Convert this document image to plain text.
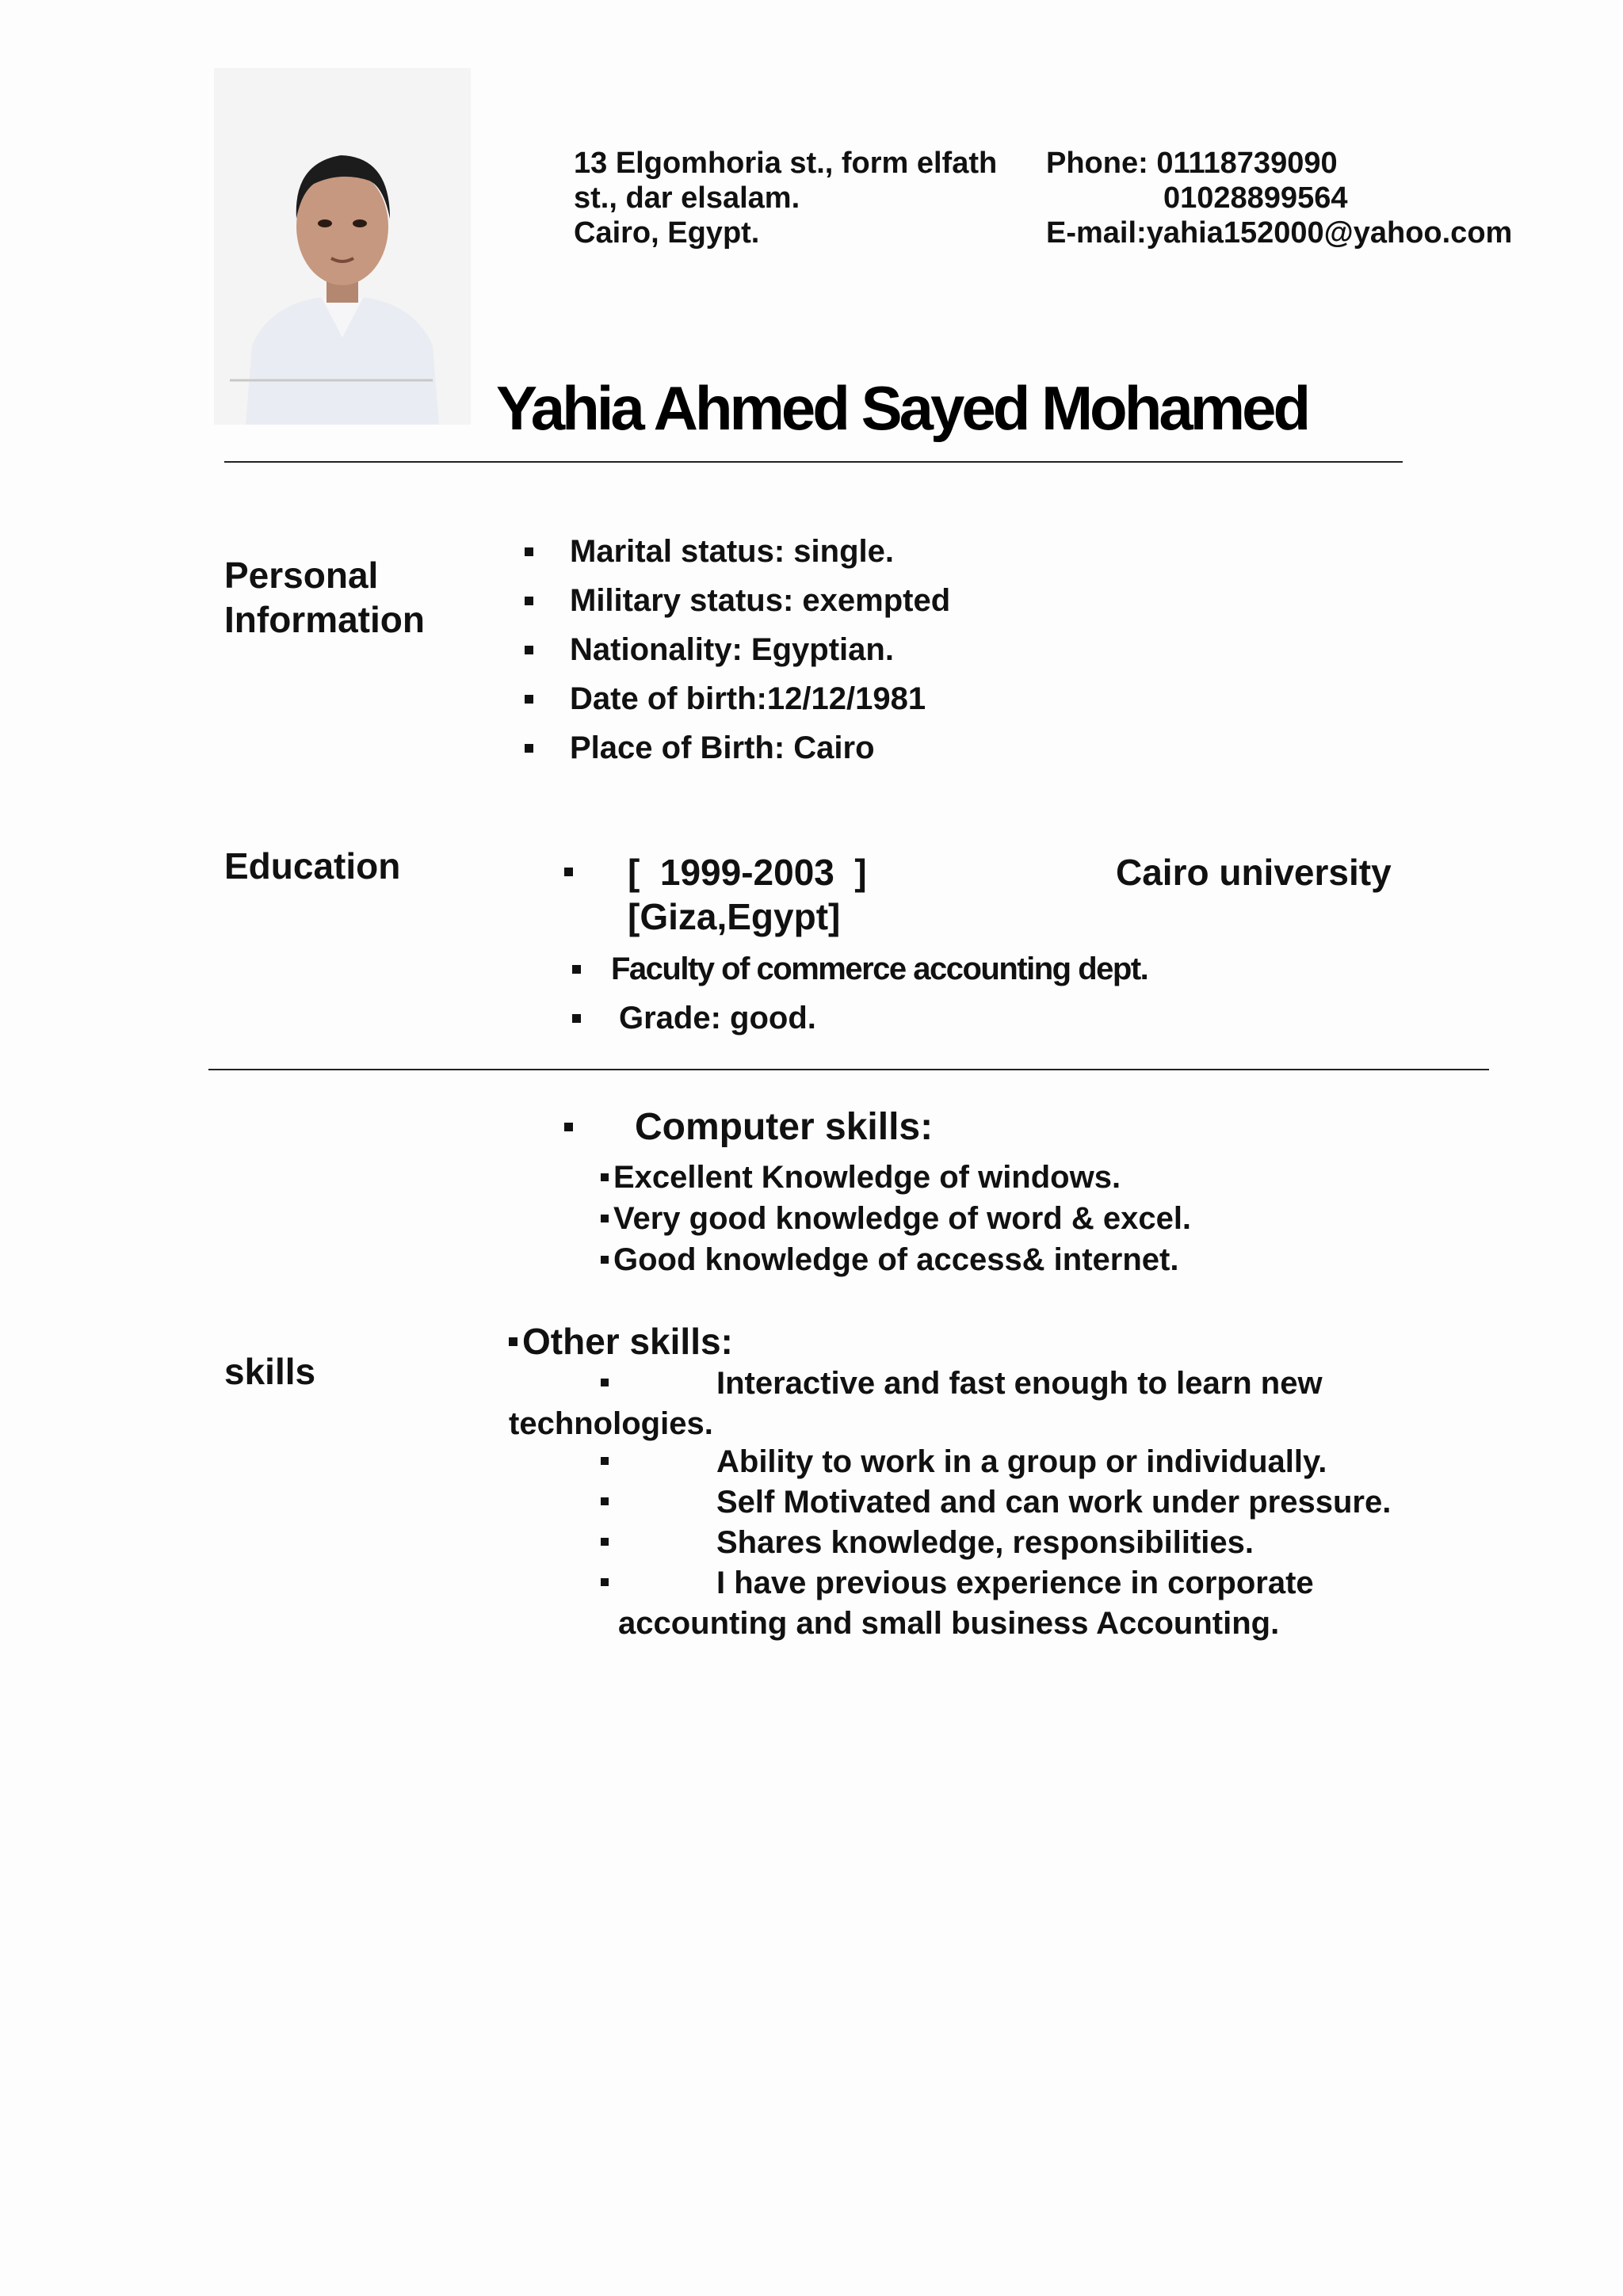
13 Elgomhoria st., form elfath
st., dar elsalam.
Cairo, Egypt.
Phone: 01118739090
01028899564
E-mail:yahia152000@yahoo.com
Yahia Ahmed Sayed Mohamed
Personal
Information
Marital status: single.
Military status: exempted
Nationality: Egyptian.
Date of birth:12/12/1981
Place of Birth: Cairo
Education	[  1999-2003  ]	Cairo university
[Giza,Egypt]
Faculty of commerce accounting dept.
Grade: good.
skills
Computer skills:
Excellent Knowledge of windows.
Very good knowledge of word & excel.
Good knowledge of access& internet.
Other skills:
Interactive and fast enough to learn new
technologies.
Ability to work in a group or individually.
Self Motivated and can work under pressure.
Shares knowledge, responsibilities.
I have previous experience in corporate
accounting and small business Accounting.
